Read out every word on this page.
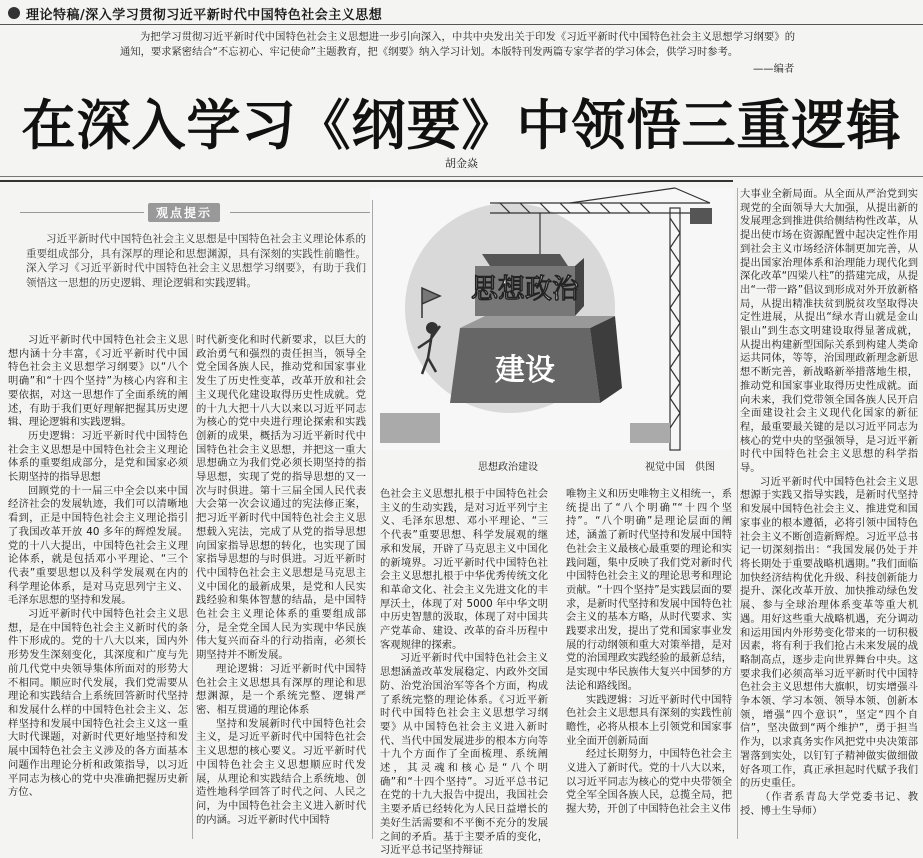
理论特稿/深入学习贯彻习近平新时代中国特色社会主义思想

为把学习贯彻习近平新时代中国特色社会主义思想进一步引向深入，中共中央发出关于印发《习近平新时代中国特色社会主义思想学习纲要》的通知，要求紧密结合“不忘初心、牢记使命”主题教育，把《纲要》纳入学习计划。本版特刊发两篇专家学者的学习体会，供学习时参考。

——编者
在深入学习《纲要》中领悟三重逻辑
胡金焱
观点提示

习近平新时代中国特色社会主义思想是中国特色社会主义理论体系的重要组成部分，具有深厚的理论和思想渊源，具有深刻的实践性前瞻性。深入学习《习近平新时代中国特色社会主义思想学习纲要》，有助于我们领悟这一思想的历史逻辑、理论逻辑和实践逻辑。	思想政治
建设
思想政治建设	视觉中国　供图

习近平新时代中国特色社会主义思想内涵十分丰富，《习近平新时代中国特色社会主义思想学习纲要》以“八个明确”和“十四个坚持”为核心内容和主要依据，对这一思想作了全面系统的阐述，有助于我们更好理解把握其历史逻辑、理论逻辑和实践逻辑。

历史逻辑：习近平新时代中国特色社会主义思想是中国特色社会主义理论体系的重要组成部分，是党和国家必须长期坚持的指导思想

回顾党的十一届三中全会以来中国经济社会的发展轨迹，我们可以清晰地看到，正是中国特色社会主义理论指引了我国改革开放 40 多年的辉煌发展。党的十八大提出，中国特色社会主义理论体系，就是包括邓小平理论、“三个代表”重要思想以及科学发展观在内的科学理论体系，是对马克思列宁主义、毛泽东思想的坚持和发展。

习近平新时代中国特色社会主义思想，是在中国特色社会主义新时代的条件下形成的。党的十八大以来，国内外形势发生深刻变化，其深度和广度与先前几代党中央领导集体所面对的形势大不相同。顺应时代发展，我们党需要从理论和实践结合上系统回答新时代坚持和发展什么样的中国特色社会主义、怎样坚持和发展中国特色社会主义这一重大时代课题，对新时代更好地坚持和发展中国特色社会主义涉及的各方面基本问题作出理论分析和政策指导，以习近平同志为核心的党中央准确把握历史新方位、

时代新变化和时代新要求，以巨大的政治勇气和强烈的责任担当，领导全党全国各族人民，推动党和国家事业发生了历史性变革，改革开放和社会主义现代化建设取得历史性成就。党的十九大把十八大以来以习近平同志为核心的党中央进行理论探索和实践创新的成果，概括为习近平新时代中国特色社会主义思想，并把这一重大思想确立为我们党必须长期坚持的指导思想，实现了党的指导思想的又一次与时俱进。第十三届全国人民代表大会第一次会议通过的宪法修正案，把习近平新时代中国特色社会主义思想载入宪法，完成了从党的指导思想向国家指导思想的转化，也实现了国家指导思想的与时俱进。习近平新时代中国特色社会主义思想是马克思主义中国化的最新成果，是党和人民实践经验和集体智慧的结晶，是中国特色社会主义理论体系的重要组成部分，是全党全国人民为实现中华民族伟大复兴而奋斗的行动指南，必须长期坚持并不断发展。

理论逻辑：习近平新时代中国特色社会主义思想具有深厚的理论和思想渊源，是一个系统完整、逻辑严密、相互贯通的理论体系

坚持和发展新时代中国特色社会主义，是习近平新时代中国特色社会主义思想的核心要义。习近平新时代中国特色社会主义思想顺应时代发展，从理论和实践结合上系统地、创造性地科学回答了时代之问、人民之问，为中国特色社会主义进入新时代的内涵。习近平新时代中国特

色社会主义思想扎根于中国特色社会主义的生动实践，是对习近平列宁主义、毛泽东思想、邓小平理论、“三个代表”重要思想、科学发展观的继承和发展，开辟了马克思主义中国化的新境界。习近平新时代中国特色社会主义思想扎根于中华优秀传统文化和革命文化、社会主义先进文化的丰厚沃土，体现了对 5000 年中华文明中历史智慧的汲取，体现了对中国共产党革命、建设、改革的奋斗历程中客观规律的探索。

习近平新时代中国特色社会主义思想涵盖改革发展稳定、内政外交国防、治党治国治军等各个方面，构成了系统完整的理论体系。《习近平新时代中国特色社会主义思想学习纲要》从中国特色社会主义进入新时代、当代中国发展进步的根本方向等十九个方面作了全面梳理、系统阐述，其灵魂和核心是“八个明确”和“十四个坚持”。习近平总书记在党的十九大报告中提出，我国社会主要矛盾已经转化为人民日益增长的美好生活需要和不平衡不充分的发展之间的矛盾。基于主要矛盾的变化，习近平总书记坚持辩证

唯物主义和历史唯物主义相统一，系统提出了“八个明确”“十四个坚持”。“八个明确”是理论层面的阐述，涵盖了新时代坚持和发展中国特色社会主义最核心最重要的理论和实践问题，集中反映了我们党对新时代中国特色社会主义的理论思考和理论贡献。“十四个坚持”是实践层面的要求，是新时代坚持和发展中国特色社会主义的基本方略，从时代要求、实践要求出发，提出了党和国家事业发展的行动纲领和重大对策举措，是对党的治国理政实践经验的最新总结，是实现中华民族伟大复兴中国梦的方法论和路线图。

实践逻辑：习近平新时代中国特色社会主义思想具有深刻的实践性前瞻性，必将从根本上引领党和国家事业全面开创新局面

经过长期努力，中国特色社会主义进入了新时代。党的十八大以来，以习近平同志为核心的党中央带领全党全军全国各族人民，总揽全局，把握大势，开创了中国特色社会主义伟

大事业全新局面。从全面从严治党到实现党的全面领导大大加强，从提出新的发展理念到推进供给侧结构性改革，从提出使市场在资源配置中起决定性作用到社会主义市场经济体制更加完善，从提出国家治理体系和治理能力现代化到深化改革“四梁八柱”的搭建完成，从提出“一带一路”倡议到形成对外开放新格局，从提出精准扶贫到脱贫攻坚取得决定性进展，从提出“绿水青山就是金山银山”到生态文明建设取得显著成就，从提出构建新型国际关系到构建人类命运共同体，等等，治国理政新理念新思想不断完善，新战略新举措落地生根，推动党和国家事业取得历史性成就。面向未来，我们党带领全国各族人民开启全面建设社会主义现代化国家的新征程，最重要最关键的是以习近平同志为核心的党中央的坚强领导，是习近平新时代中国特色社会主义思想的科学指导。

习近平新时代中国特色社会主义思想源于实践又指导实践，是新时代坚持和发展中国特色社会主义、推进党和国家事业的根本遵循，必将引领中国特色社会主义不断创造新辉煌。习近平总书记一切深刻指出：“我国发展仍处于并将长期处于重要战略机遇期。”我们面临加快经济结构优化升级、科技创新能力提升、深化改革开放、加快推动绿色发展、参与全球治理体系变革等重大机遇。用好这些重大战略机遇，充分调动和运用国内外形势变化带来的一切积极因素，将有利于我们抢占未来发展的战略制高点，逐步走向世界舞台中央。这要求我们必须高举习近平新时代中国特色社会主义思想伟大旗帜，切实增强斗争本领、学习本领、领导本领、创新本领，增强“四个意识”，坚定“四个自信”，坚决做到“两个维护”，勇于担当作为，以求真务实作风把党中央决策部署落到实处，以钉钉子精神做实做细做好各项工作，真正承担起时代赋予我们的历史重任。

（作者系青岛大学党委书记、教授、博士生导师）
